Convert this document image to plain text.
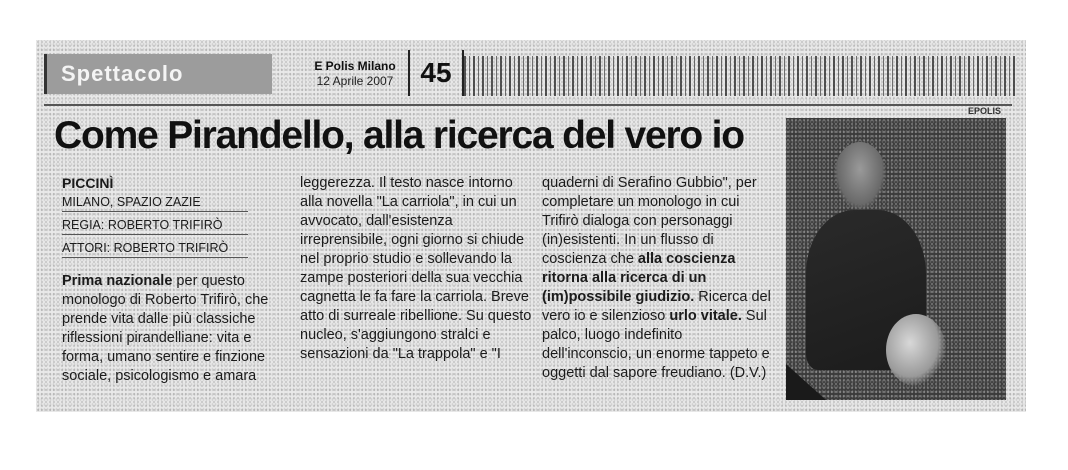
Spettacolo	E Polis Milano
12 Aprile 2007 45
Come Pirandello, alla ricerca del vero io

PICCINÌ

MILANO, SPAZIO ZAZIE
REGIA: ROBERTO TRIFIRÒ
ATTORI: ROBERTO TRIFIRÒ

Prima nazionale per questo monologo di Roberto Trifirò, che prende vita dalle più classiche riflessioni pirandelliane: vita e forma, umano sentire e finzione sociale, psicologismo e amara

leggerezza. Il testo nasce intorno alla novella "La carriola", in cui un avvocato, dall'esistenza irreprensibile, ogni giorno si chiude nel proprio studio e sollevando la zampe posteriori della sua vecchia cagnetta le fa fare la carriola. Breve atto di surreale ribellione. Su questo nucleo, s'aggiungono stralci e sensazioni da "La trappola" e "I

quaderni di Serafino Gubbio", per completare un monologo in cui Trifirò dialoga con personaggi (in)esistenti. In un flusso di coscienza che alla coscienza ritorna alla ricerca di un (im)possibile giudizio. Ricerca del vero io e silenzioso urlo vitale. Sul palco, luogo indefinito dell'inconscio, un enorme tappeto e oggetti dal sapore freudiano. (D.V.)

EPOLIS
